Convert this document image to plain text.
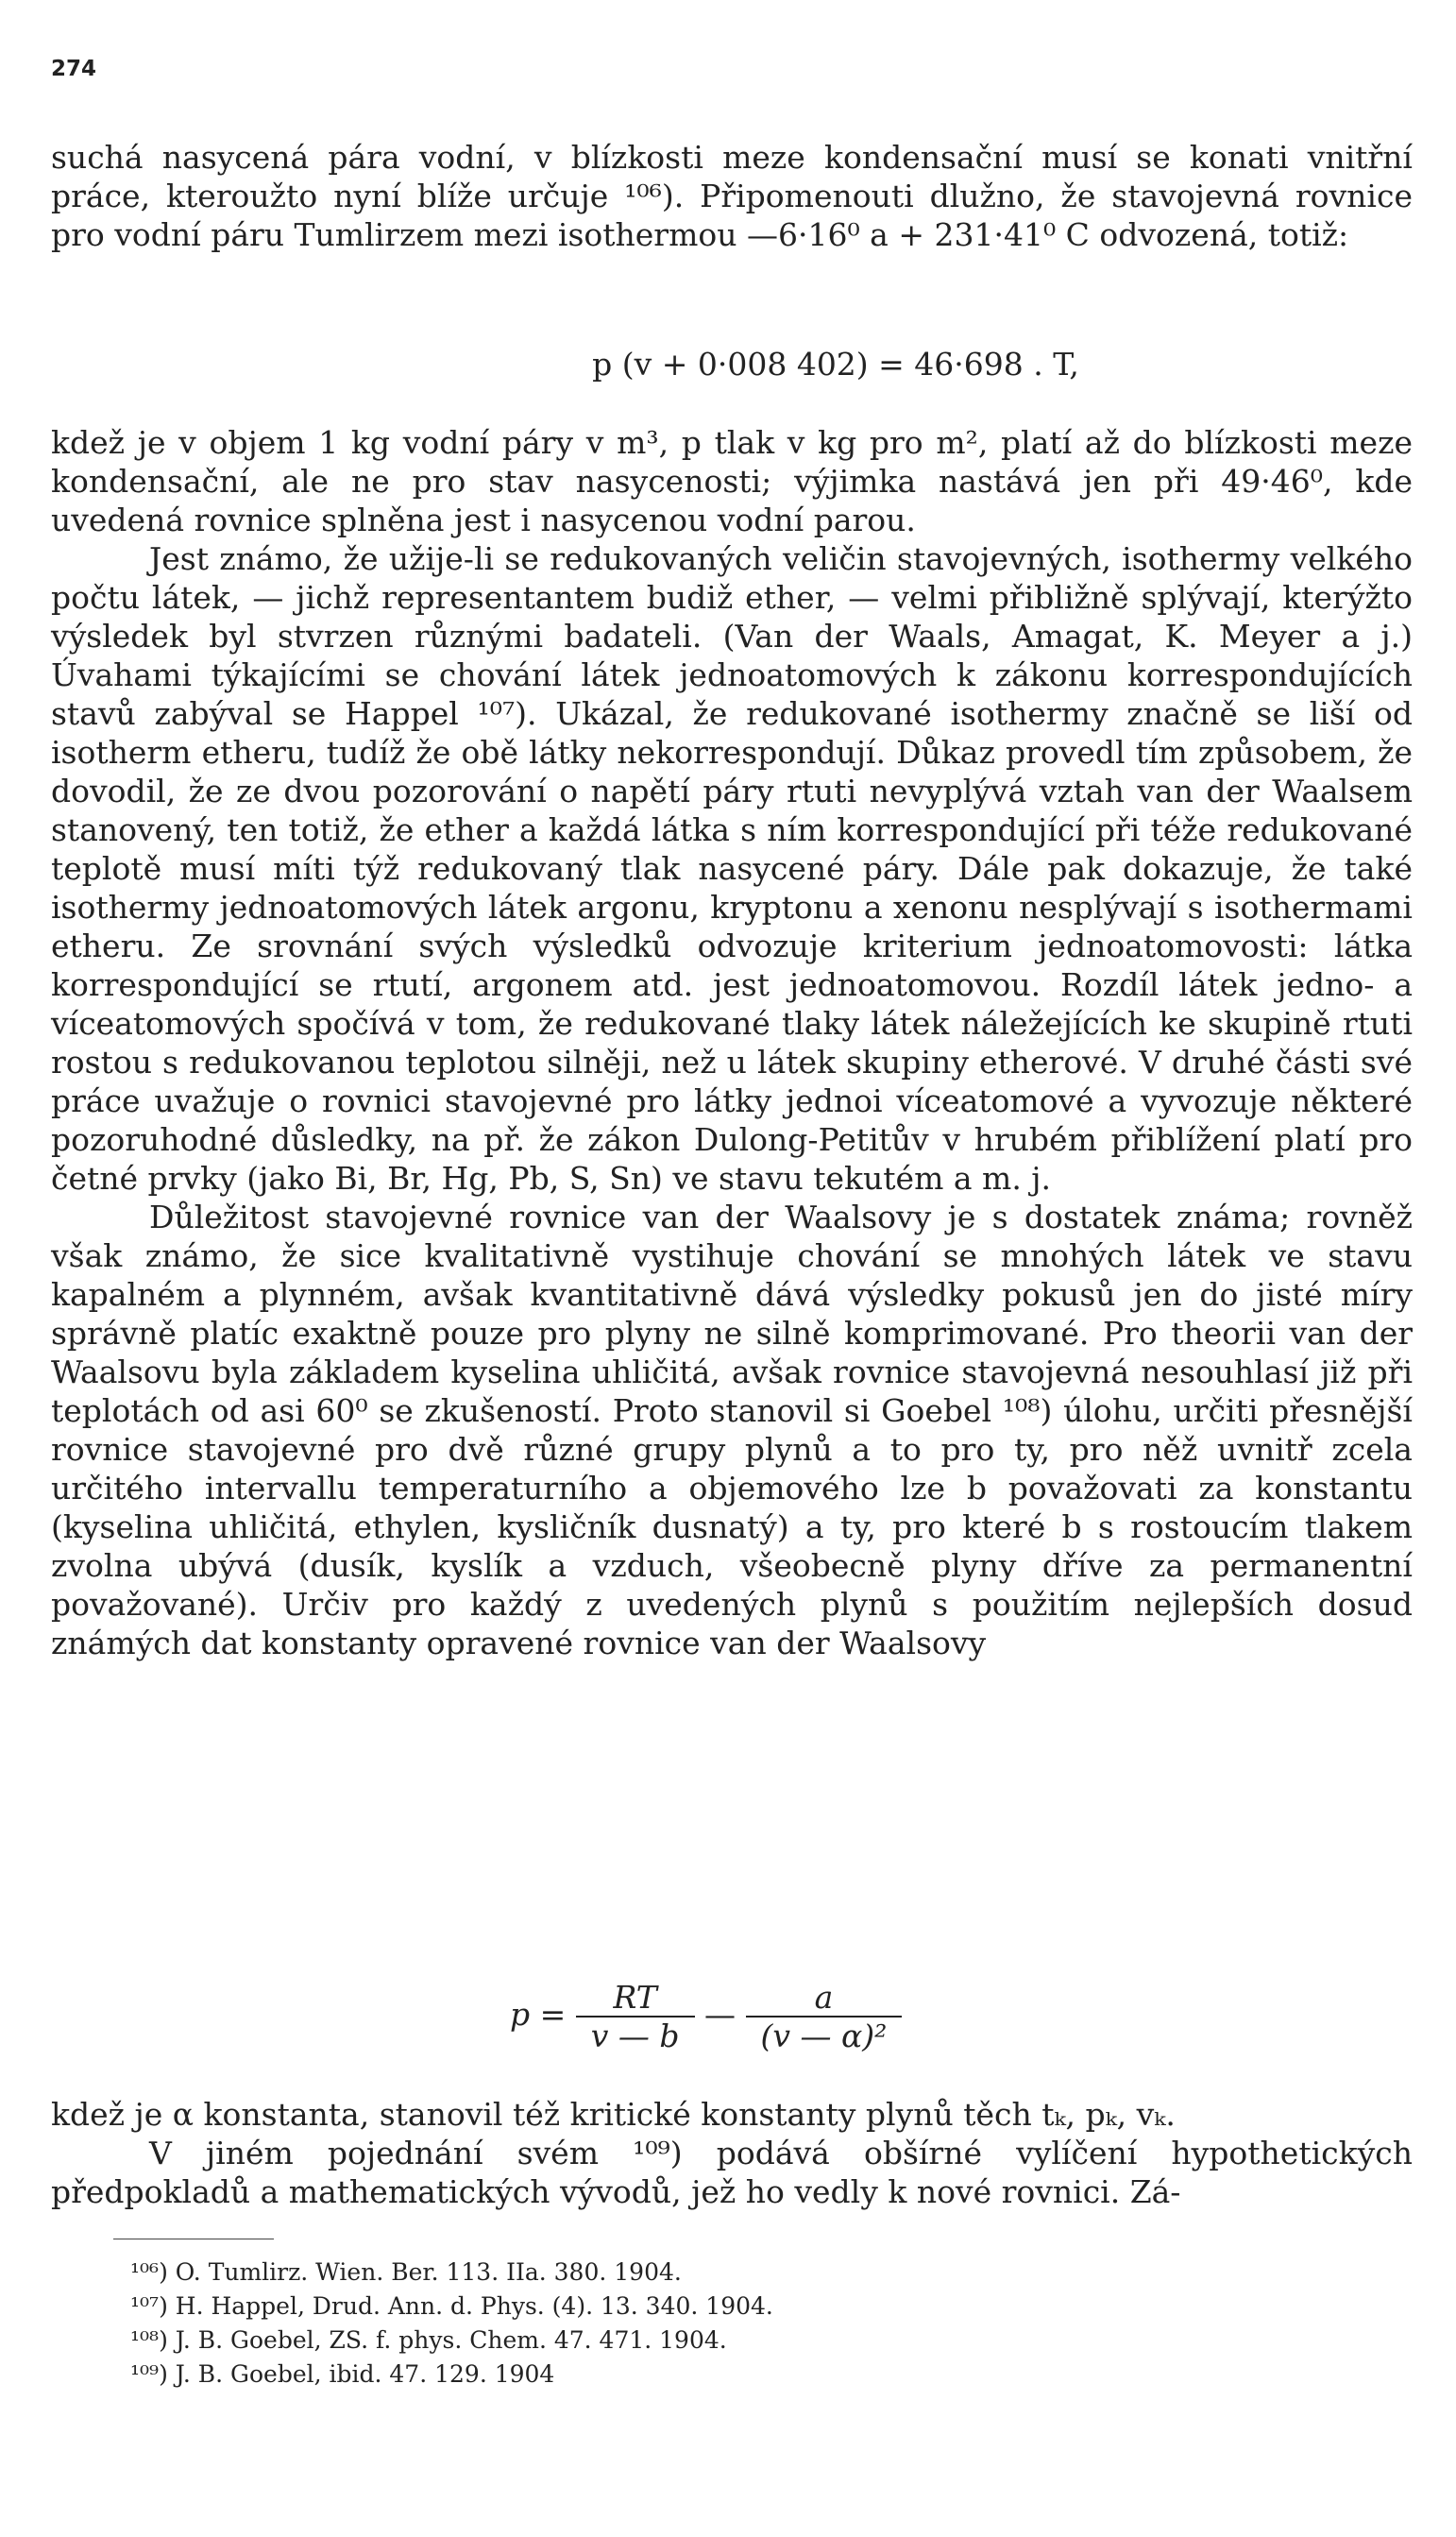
274

suchá nasycená pára vodní, v blízkosti meze kondensační musí se konati vnitřní práce, kteroužto nyní blíže určuje ¹⁰⁶). Připomenouti dlužno, že stavojevná rovnice pro vodní páru Tumlirzem mezi isothermou —6·16⁰ a + 231·41⁰ C odvozená, totiž:

p (v + 0·008 402) = 46·698 . T,

kdež je v objem 1 kg vodní páry v m³, p tlak v kg pro m², platí až do blízkosti meze kondensační, ale ne pro stav nasycenosti; výjimka nastává jen při 49·46⁰, kde uvedená rovnice splněna jest i nasycenou vodní parou.

Jest známo, že užije-li se redukovaných veličin stavojevných, isothermy velkého počtu látek, — jichž representantem budiž ether, — velmi přibližně splývají, kterýžto výsledek byl stvrzen různými badateli. (Van der Waals, Amagat, K. Meyer a j.) Úvahami týkajícími se chování látek jednoatomových k zákonu korrespondujících stavů zabýval se Happel ¹⁰⁷). Ukázal, že redukované isothermy značně se liší od isotherm etheru, tudíž že obě látky nekorrespondují. Důkaz provedl tím způsobem, že dovodil, že ze dvou pozorování o napětí páry rtuti nevyplývá vztah van der Waalsem stanovený, ten totiž, že ether a každá látka s ním korrespondující při téže redukované teplotě musí míti týž redukovaný tlak nasycené páry. Dále pak dokazuje, že také isothermy jednoatomových látek argonu, kryptonu a xenonu nesplývají s isothermami etheru. Ze srovnání svých výsledků odvozuje kriterium jednoatomovosti: látka korrespondující se rtutí, argonem atd. jest jednoatomovou. Rozdíl látek jedno- a víceatomových spočívá v tom, že redukované tlaky látek náležejících ke skupině rtuti rostou s redukovanou teplotou silněji, než u látek skupiny etherové. V druhé části své práce uvažuje o rovnici stavojevné pro látky jednoi víceatomové a vyvozuje některé pozoruhodné důsledky, na př. že zákon Dulong-Petitův v hrubém přiblížení platí pro četné prvky (jako Bi, Br, Hg, Pb, S, Sn) ve stavu tekutém a m. j.

Důležitost stavojevné rovnice van der Waalsovy je s dostatek známa; rovněž však známo, že sice kvalitativně vystihuje chování se mnohých látek ve stavu kapalném a plynném, avšak kvantitativně dává výsledky pokusů jen do jisté míry správně platíc exaktně pouze pro plyny ne silně komprimované. Pro theorii van der Waalsovu byla základem kyselina uhličitá, avšak rovnice stavojevná nesouhlasí již při teplotách od asi 60⁰ se zkušeností. Proto stanovil si Goebel ¹⁰⁸) úlohu, určiti přesnější rovnice stavojevné pro dvě různé grupy plynů a to pro ty, pro něž uvnitř zcela určitého intervallu temperaturního a objemového lze b považovati za konstantu (kyselina uhličitá, ethylen, kysličník dusnatý) a ty, pro které b s rostoucím tlakem zvolna ubývá (dusík, kyslík a vzduch, všeobecně plyny dříve za permanentní považované). Určiv pro každý z uvedených plynů s použitím nejlepších dosud známých dat konstanty opravené rovnice van der Waalsovy

$p = \frac{RT}{v — b}$ — $\frac{a}{\text{(v — α)²}}$

kdež je α konstanta, stanovil též kritické konstanty plynů těch tₖ, pₖ, vₖ.

V jiném pojednání svém ¹⁰⁹) podává obšírné vylíčení hypothetických předpokladů a mathematických vývodů, jež ho vedly k nové rovnici. Zá-

¹⁰⁶) O. Tumlirz. Wien. Ber. 113. IIa. 380. 1904.
¹⁰⁷) H. Happel, Drud. Ann. d. Phys. (4). 13. 340. 1904.
¹⁰⁸) J. B. Goebel, ZS. f. phys. Chem. 47. 471. 1904.
¹⁰⁹) J. B. Goebel, ibid. 47. 129. 1904
